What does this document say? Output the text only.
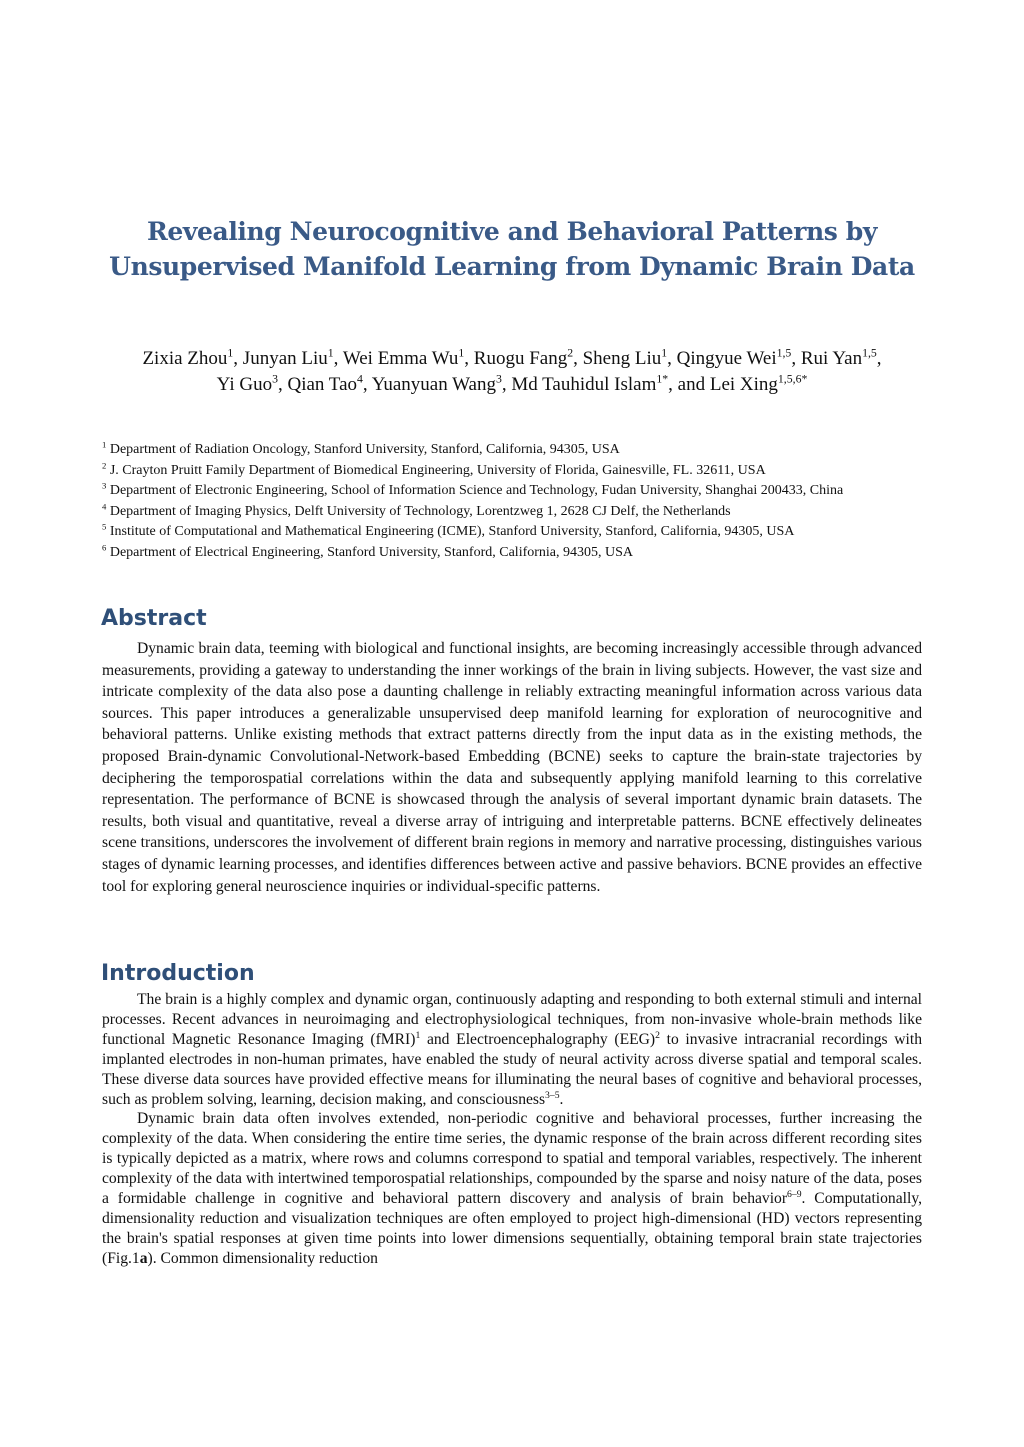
Revealing Neurocognitive and Behavioral Patterns by
Unsupervised Manifold Learning from Dynamic Brain Data
Zixia Zhou$^1$, Junyan Liu$^1$, Wei Emma Wu$^1$, Ruogu Fang$^2$, Sheng Liu$^1$, Qingyue Wei$^{1,5}$, Rui Yan$^{1,5}$,
Yi Guo$^3$, Qian Tao$^4$, Yuanyuan Wang$^3$, Md Tauhidul Islam$^{1*}$, and Lei Xing$^{1,5,6*}$
$^1$ Department of Radiation Oncology, Stanford University, Stanford, California, 94305, USA
$^2$ J. Crayton Pruitt Family Department of Biomedical Engineering, University of Florida, Gainesville, FL. 32611, USA
$^3$ Department of Electronic Engineering, School of Information Science and Technology, Fudan University, Shanghai 200433, China
$^4$ Department of Imaging Physics, Delft University of Technology, Lorentzweg 1, 2628 CJ Delf, the Netherlands
$^5$ Institute of Computational and Mathematical Engineering (ICME), Stanford University, Stanford, California, 94305, USA
$^6$ Department of Electrical Engineering, Stanford University, Stanford, California, 94305, USA
Abstract

Dynamic brain data, teeming with biological and functional insights, are becoming increasingly accessible through advanced measurements, providing a gateway to understanding the inner workings of the brain in living subjects. However, the vast size and intricate complexity of the data also pose a daunting challenge in reliably extracting meaningful information across various data sources. This paper introduces a generalizable unsupervised deep manifold learning for exploration of neurocognitive and behavioral patterns. Unlike existing methods that extract patterns directly from the input data as in the existing methods, the proposed Brain-dynamic Convolutional-Network-based Embedding (BCNE) seeks to capture the brain-state trajectories by deciphering the temporospatial correlations within the data and subsequently applying manifold learning to this correlative representation. The performance of BCNE is showcased through the analysis of several important dynamic brain datasets. The results, both visual and quantitative, reveal a diverse array of intriguing and interpretable patterns. BCNE effectively delineates scene transitions, underscores the involvement of different brain regions in memory and narrative processing, distinguishes various stages of dynamic learning processes, and identifies differences between active and passive behaviors. BCNE provides an effective tool for exploring general neuroscience inquiries or individual-specific patterns.

Introduction

The brain is a highly complex and dynamic organ, continuously adapting and responding to both external stimuli and internal processes. Recent advances in neuroimaging and electrophysiological techniques, from non-invasive whole-brain methods like functional Magnetic Resonance Imaging (fMRI)$^1$ and Electroencephalography (EEG)$^2$ to invasive intracranial recordings with implanted electrodes in non-human primates, have enabled the study of neural activity across diverse spatial and temporal scales. These diverse data sources have provided effective means for illuminating the neural bases of cognitive and behavioral processes, such as problem solving, learning, decision making, and consciousness$^{3-5}$.

Dynamic brain data often involves extended, non-periodic cognitive and behavioral processes, further increasing the complexity of the data. When considering the entire time series, the dynamic response of the brain across different recording sites is typically depicted as a matrix, where rows and columns correspond to spatial and temporal variables, respectively. The inherent complexity of the data with intertwined temporospatial relationships, compounded by the sparse and noisy nature of the data, poses a formidable challenge in cognitive and behavioral pattern discovery and analysis of brain behavior$^{6-9}$. Computationally, dimensionality reduction and visualization techniques are often employed to project high-dimensional (HD) vectors representing the brain's spatial responses at given time points into lower dimensions sequentially, obtaining temporal brain state trajectories (Fig.1a). Common dimensionality reduction
